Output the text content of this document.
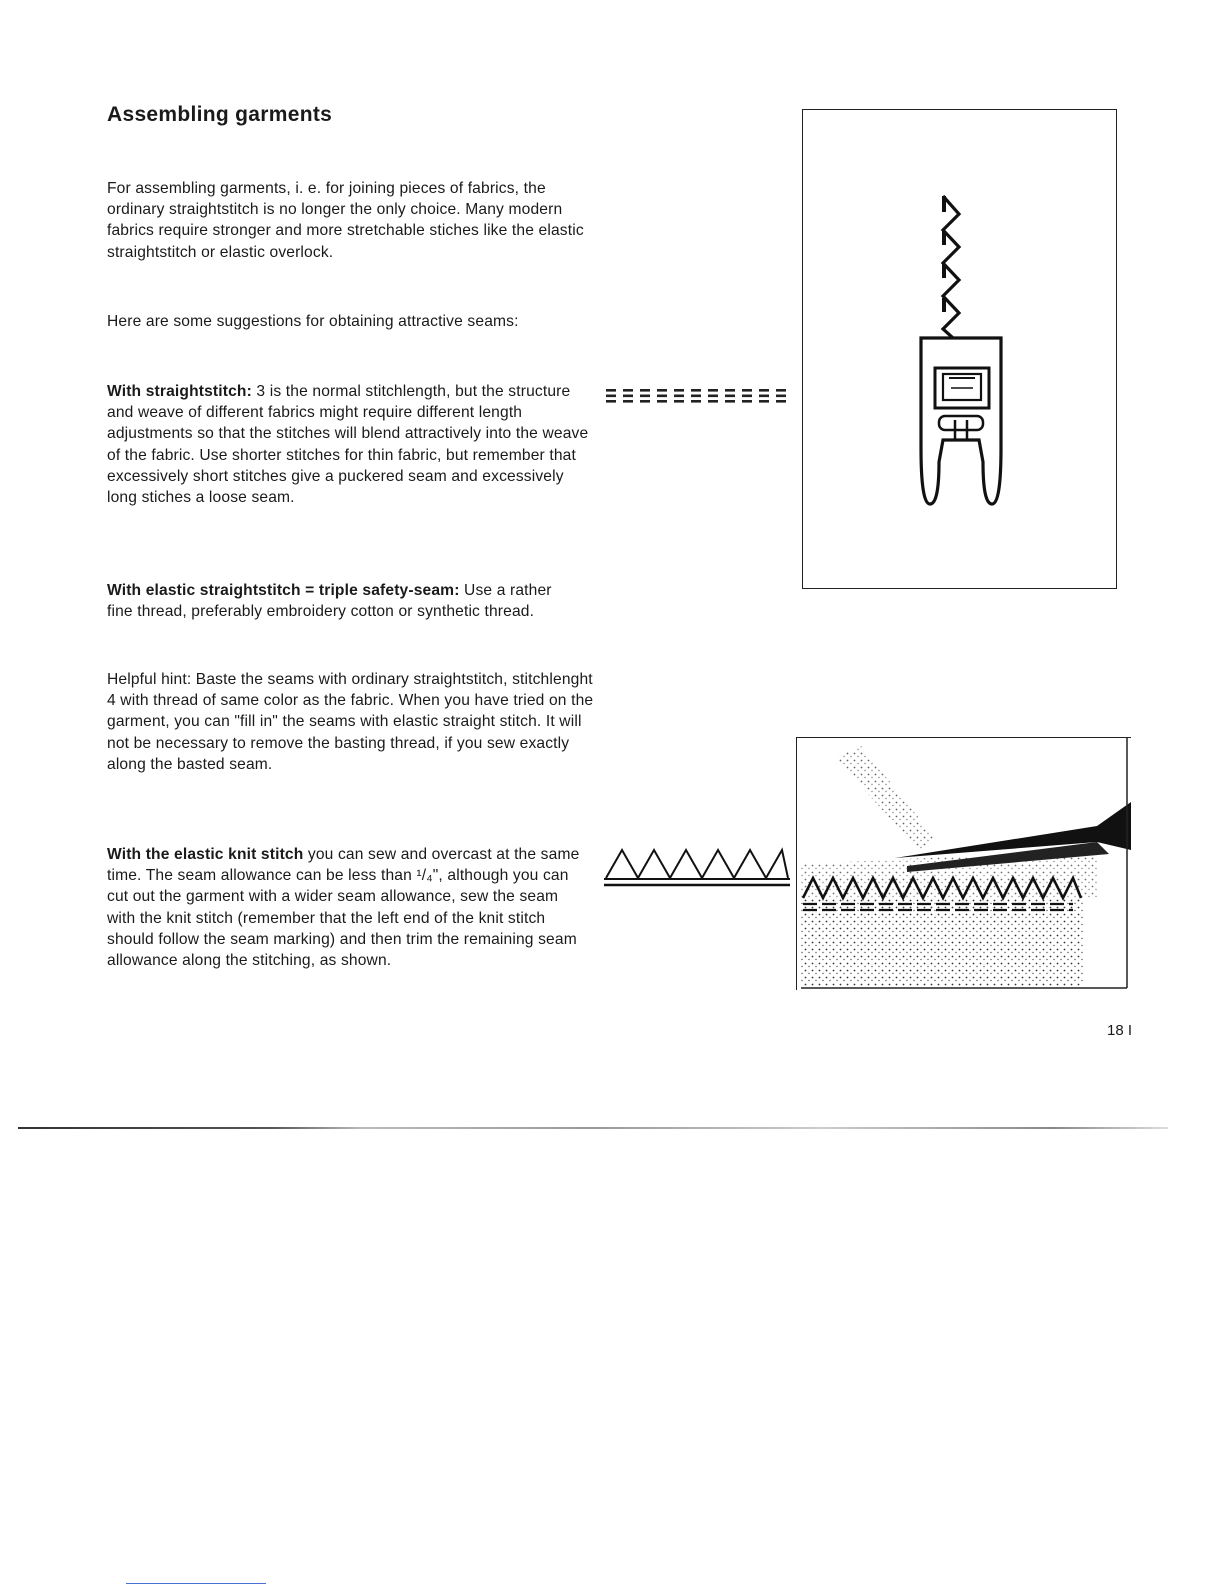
Assembling garments
For assembling garments, i. e. for joining pieces of fabrics, the ordinary straightstitch is no longer the only choice. Many modern fabrics require stronger and more stretchable stiches like the elastic straightstitch or elastic overlock.
Here are some suggestions for obtaining attractive seams:
With straightstitch: 3 is the normal stitchlength, but the structure and weave of different fabrics might require different length adjustments so that the stitches will blend attractively into the weave of the fabric. Use shorter stitches for thin fabric, but remember that excessively short stitches give a puckered seam and excessively long stiches a loose seam.
With elastic straightstitch = triple safety-seam: Use a rather fine thread, preferably embroidery cotton or synthetic thread.
Helpful hint: Baste the seams with ordinary straightstitch, stitchlenght 4 with thread of same color as the fabric. When you have tried on the garment, you can "fill in" the seams with elastic straight stitch. It will not be necessary to remove the basting thread, if you sew exactly along the basted seam.
With the elastic knit stitch you can sew and overcast at the same time. The seam allowance can be less than ¹/₄", although you can cut out the garment with a wider seam allowance, sew the seam with the knit stitch (remember that the left end of the knit stitch should follow the seam marking) and then trim the remaining seam allowance along the stitching, as shown.
18 I
